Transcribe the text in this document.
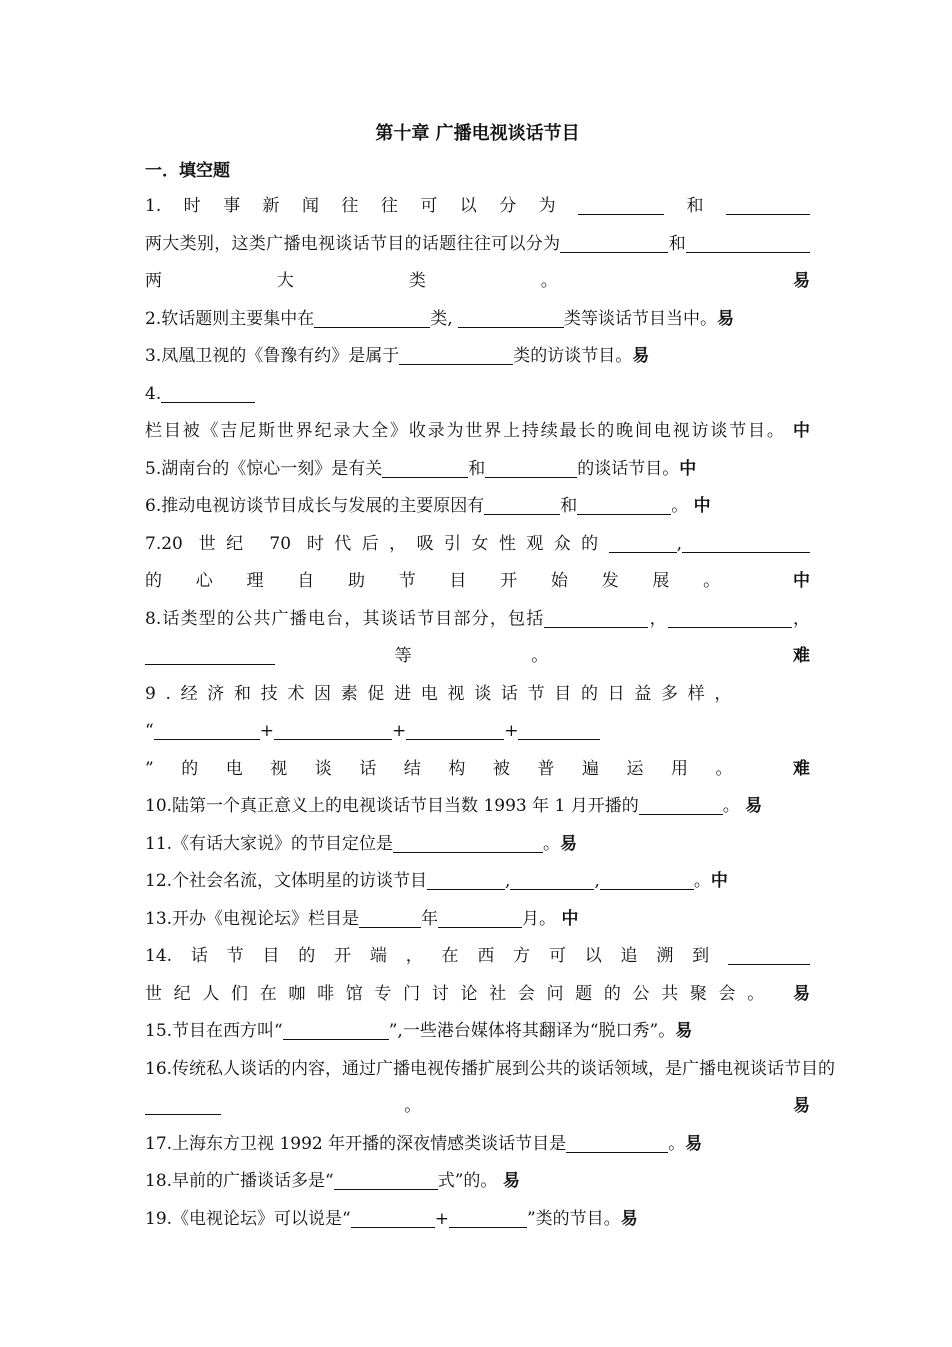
第十章 广播电视谈话节目
一．填空题
1.时事新闻往往可以分为	和两大类别，这类广播电视谈话节目的话题往往可以分为	和两大类。 易
2.软话题则主要集中在	类,	类等谈话节目当中。易
3.凤凰卫视的《鲁豫有约》是属于	类的访谈节目。易
4.栏目被《吉尼斯世界纪录大全》收录为世界上持续最长的晚间电视访谈节目。 中
5.湖南台的《惊心一刻》是有关	和	的谈话节目。中
6.推动电视访谈节目成长与发展的主要原因有	和	。 中
7.20 世纪 70 时代后，吸引女性观众的	,的心理自助节目开始发展。 中
8.话类型的公共广播电台，其谈话节目部分，包括	，	，等。 难
9.经济和技术因素促进电视谈话节目的日益多样，
“	+	+	+”的电视谈话结构被普遍运用。 难
10.陆第一个真正意义上的电视谈话节目当数 1993 年 1 月开播的	。 易
11.《有话大家说》的节目定位是	。易
12.个社会名流，文体明星的访谈节目	,	,	。中
13.开办《电视论坛》栏目是	年	月。 中
14.话节目的开端，在西方可以追溯到世纪人们在咖啡馆专门讨论社会问题的公共聚会。 易
15.节目在西方叫“	”,一些港台媒体将其翻译为“脱口秀”。易
16.传统私人谈话的内容，通过广播电视传播扩展到公共的谈话领域，是广播电视谈话节目的。 易
17.上海东方卫视 1992 年开播的深夜情感类谈话节目是	。易
18.早前的广播谈话多是“	式”的。 易
19.《电视论坛》可以说是“	+	”类的节目。易
